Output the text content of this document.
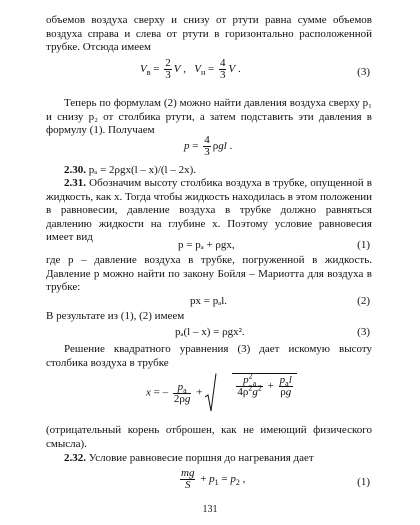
объемов воздуха сверху и снизу от ртути равна сумме объемов воздуха справа и слева от ртути в горизонтально расположенной трубке. Отсюда имеем

$V_в = \frac{2}{3}$ V ,   $V_н = \frac{4}{3}$ V .	(3)

Теперь по формулам (2) можно найти давления воздуха сверху p₁ и снизу p₂ от столбика ртути, а затем подставить эти давления в формулу (1). Получаем

$p = \frac{4}{3}$ ρgl .
2.30. pₐ = 2ρgx(l – x)/(l – 2x).
2.31. Обозначим высоту столбика воздуха в трубке, опущенной в жидкость, как x. Тогда чтобы жидкость находилась в этом положении в равновесии, давление воздуха в трубке должно равняться давлению жидкости на глубине x. Поэтому условие равновесия имеет вид
p = pₐ + ρgx,	(1)

где p – давление воздуха в трубке, погруженной в жидкость. Давление p можно найти по закону Бойля – Мариотта для воздуха в трубке:

px = pₐl.	(2)

В результате из (1), (2) имеем

pₐ(l – x) = ρgx².	(3)

Решение квадратного уравнения (3) дает искомую высоту столбика воздуха в трубке

x = – $\frac{p_a}{2\rho g}$ +	$\frac{p^2_a}{4\rho^2g^2} + \frac{p_al}{\rho g}$

(отрицательный корень отброшен, как не имеющий физического смысла).

2.32. Условие равновесие поршня до нагревания дает
$\frac{mg}{S} + p_1 = p_2$ ,	(1)
131
